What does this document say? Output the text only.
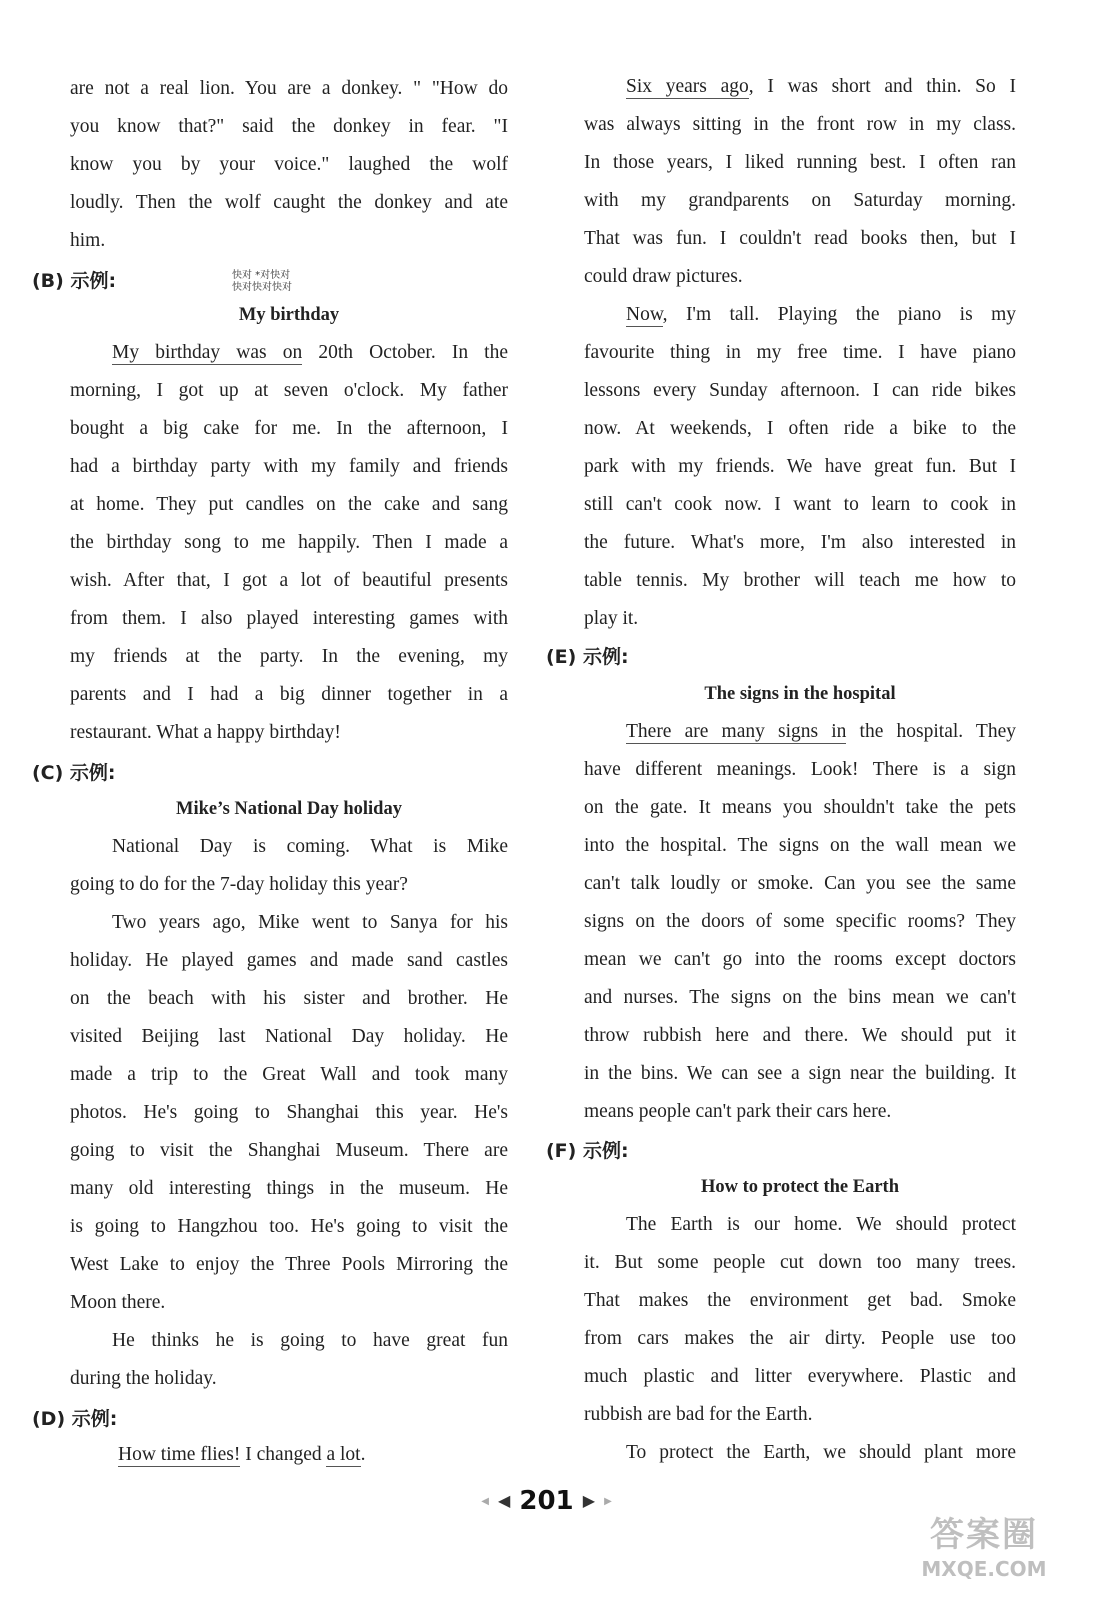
are not a real lion. You are a donkey. " "How do
you know that?" said the donkey in fear. "I
know you by your voice." laughed the wolf
loudly. Then the wolf caught the donkey and ate
him.
(B) 示例:	快对 *对快对
快对快对快对
My birthday
My birthday was on 20th October. In the
morning, I got up at seven o'clock. My father
bought a big cake for me. In the afternoon, I
had a birthday party with my family and friends
at home. They put candles on the cake and sang
the birthday song to me happily. Then I made a
wish. After that, I got a lot of beautiful presents
from them. I also played interesting games with
my friends at the party. In the evening, my
parents and I had a big dinner together in a
restaurant. What a happy birthday!
(C) 示例:
Mike’s National Day holiday
National Day is coming. What is Mike
going to do for the 7-day holiday this year?
Two years ago, Mike went to Sanya for his
holiday. He played games and made sand castles
on the beach with his sister and brother. He
visited Beijing last National Day holiday. He
made a trip to the Great Wall and took many
photos. He's going to Shanghai this year. He's
going to visit the Shanghai Museum. There are
many old interesting things in the museum. He
is going to Hangzhou too. He's going to visit the
West Lake to enjoy the Three Pools Mirroring the
Moon there.
He thinks he is going to have great fun
during the holiday.
(D) 示例:
How time flies! I changed a lot.
Six years ago, I was short and thin. So I
was always sitting in the front row in my class.
In those years, I liked running best. I often ran
with my grandparents on Saturday morning.
That was fun. I couldn't read books then, but I
could draw pictures.
Now, I'm tall. Playing the piano is my
favourite thing in my free time. I have piano
lessons every Sunday afternoon. I can ride bikes
now. At weekends, I often ride a bike to the
park with my friends. We have great fun. But I
still can't cook now. I want to learn to cook in
the future. What's more, I'm also interested in
table tennis. My brother will teach me how to
play it.
(E) 示例:
The signs in the hospital
There are many signs in the hospital. They
have different meanings. Look! There is a sign
on the gate. It means you shouldn't take the pets
into the hospital. The signs on the wall mean we
can't talk loudly or smoke. Can you see the same
signs on the doors of some specific rooms? They
mean we can't go into the rooms except doctors
and nurses. The signs on the bins mean we can't
throw rubbish here and there. We should put it
in the bins. We can see a sign near the building. It
means people can't park their cars here.
(F) 示例:
How to protect the Earth
The Earth is our home. We should protect
it. But some people cut down too many trees.
That makes the environment get bad. Smoke
from cars makes the air dirty. People use too
much plastic and litter everywhere. Plastic and
rubbish are bad for the Earth.
To protect the Earth, we should plant more
◀ ◀ 201 ▶ ▶
答案圈
MXQE.COM
